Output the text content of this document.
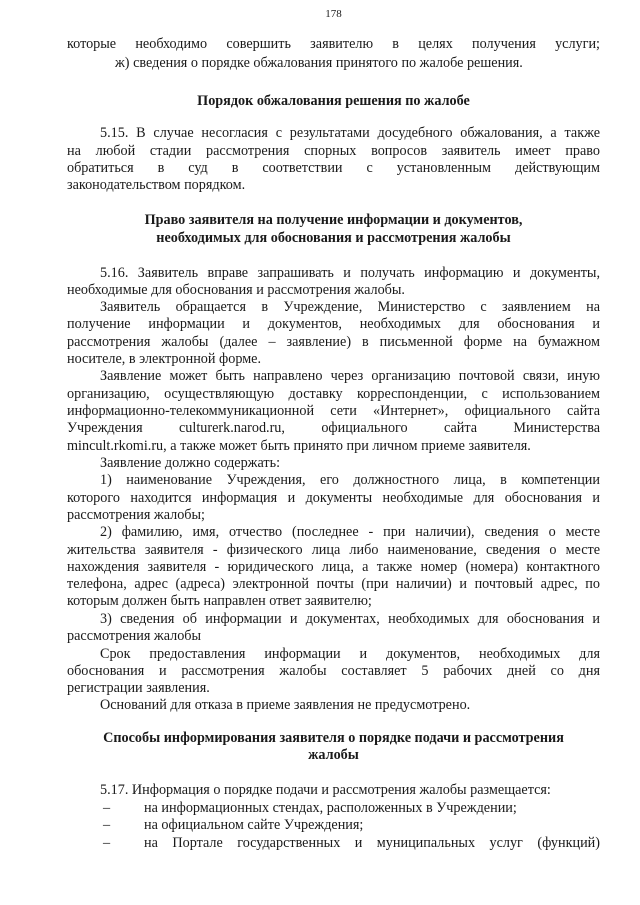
178
которые необходимо совершить заявителю в целях получения услуги;
ж) сведения о порядке обжалования принятого по жалобе решения.
Порядок обжалования решения по жалобе
5.15. В случае несогласия с результатами досудебного обжалования, а также
на любой стадии рассмотрения спорных вопросов заявитель имеет право
обратиться в суд в соответствии с установленным действующим
законодательством порядком.
Право заявителя на получение информации и документов,
необходимых для обоснования и рассмотрения жалобы
5.16. Заявитель вправе запрашивать и получать информацию и документы,
необходимые для обоснования и рассмотрения жалобы.
Заявитель обращается в Учреждение, Министерство с заявлением на
получение информации и документов, необходимых для обоснования и
рассмотрения жалобы (далее – заявление) в письменной форме на бумажном
носителе, в электронной форме.
Заявление может быть направлено через организацию почтовой связи, иную
организацию, осуществляющую доставку корреспонденции, с использованием
информационно-телекоммуникационной сети «Интернет», официального сайта
Учреждения culturerk.narod.ru, официального сайта Министерства
mincult.rkomi.ru, а также может быть принято при личном приеме заявителя.
Заявление должно содержать:
1) наименование Учреждения, его должностного лица, в компетенции
которого находится информация и документы необходимые для обоснования и
рассмотрения жалобы;
2) фамилию, имя, отчество (последнее - при наличии), сведения о месте
жительства заявителя - физического лица либо наименование, сведения о месте
нахождения заявителя - юридического лица, а также номер (номера) контактного
телефона, адрес (адреса) электронной почты (при наличии) и почтовый адрес, по
которым должен быть направлен ответ заявителю;
3) сведения об информации и документах, необходимых для обоснования и
рассмотрения жалобы
Срок предоставления информации и документов, необходимых для
обоснования и рассмотрения жалобы составляет 5 рабочих дней со дня
регистрации заявления.
Оснований для отказа в приеме заявления не предусмотрено.
Способы информирования заявителя о порядке подачи и рассмотрения
жалобы
5.17. Информация о порядке подачи и рассмотрения жалобы размещается:
– на информационных стендах, расположенных в Учреждении;
– на официальном сайте Учреждения;
– на Портале государственных и муниципальных услуг (функций)
